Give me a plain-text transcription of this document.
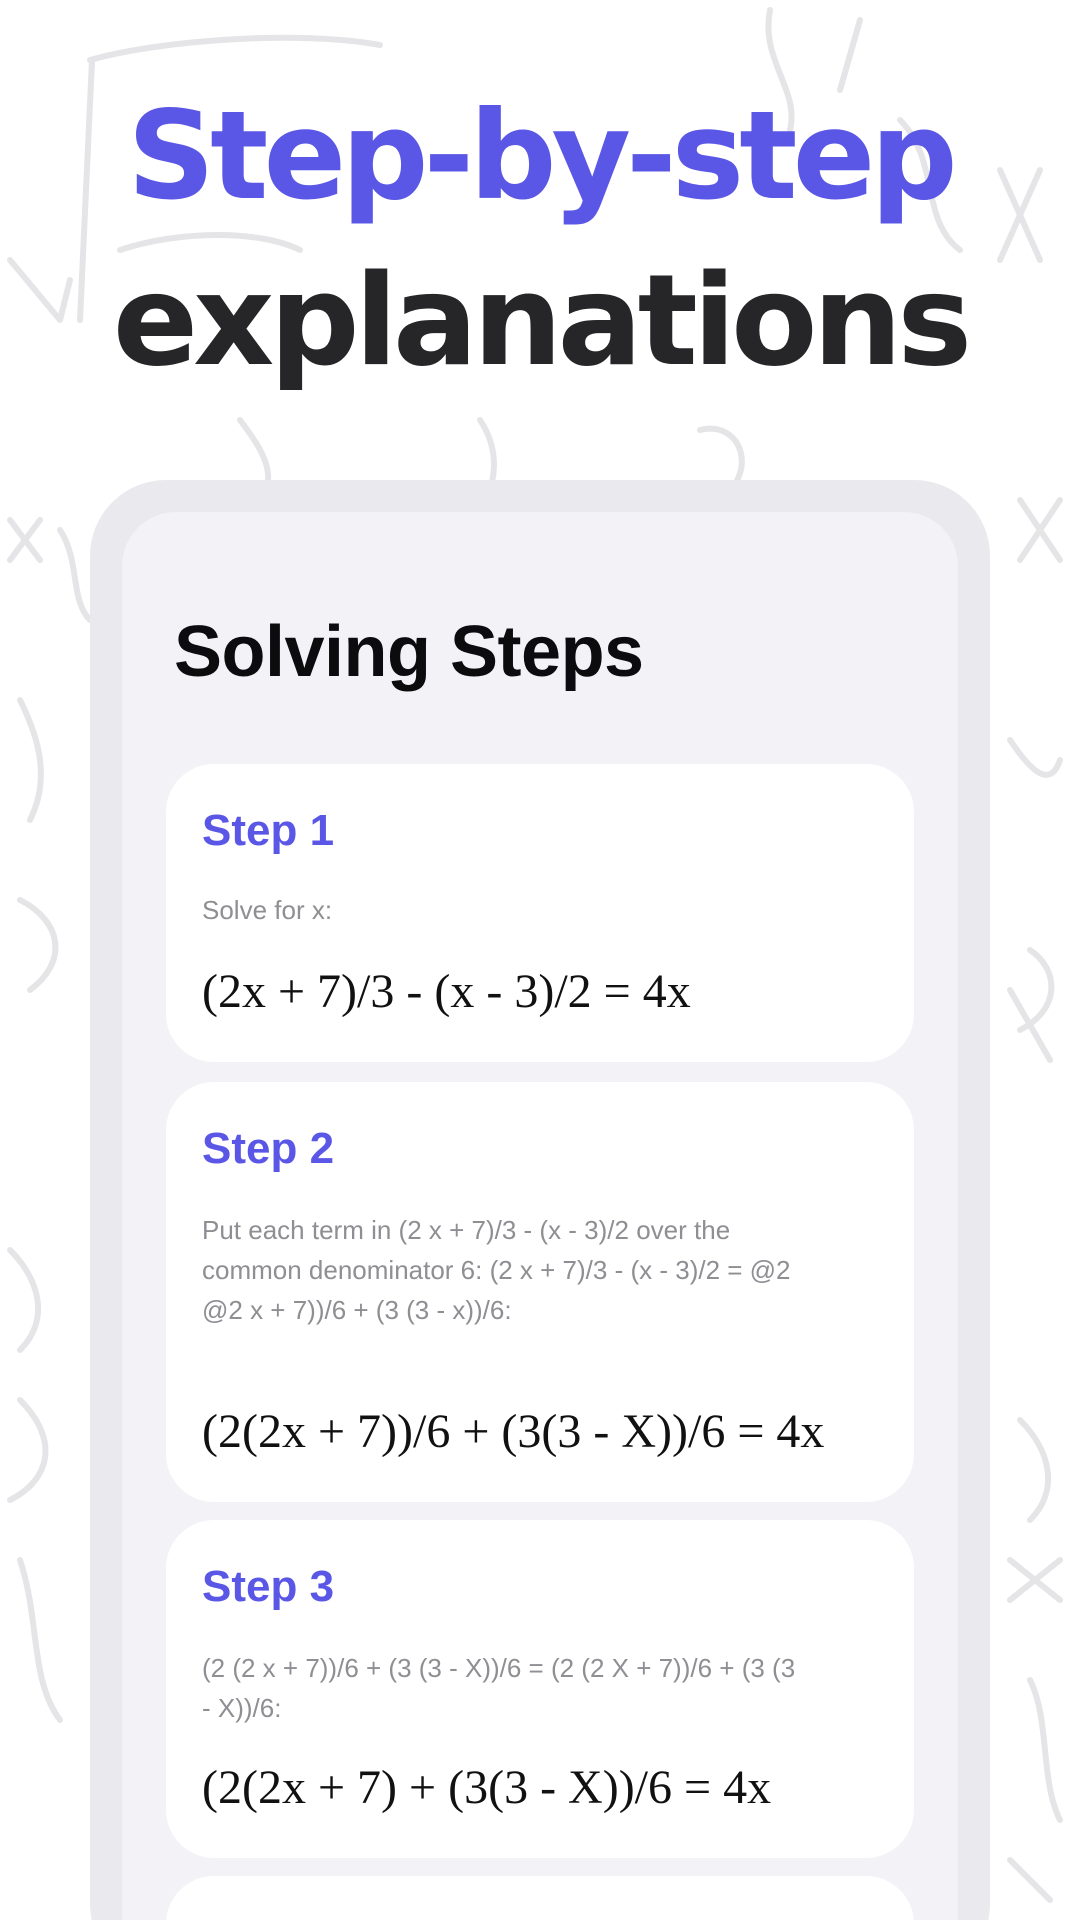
Step-by-step
explanations
Solving Steps
Step 1

Solve for x:

(2x + 7)/3 - (x - 3)/2 = 4x

Step 2

Put each term in (2 x + 7)/3 - (x - 3)/2 over the common denominator 6: (2 x + 7)/3 - (x - 3)/2 = @2 @2 x + 7))/6 + (3 (3 - x))/6:

(2(2x + 7))/6 + (3(3 - X))/6 = 4x

Step 3

(2 (2 x + 7))/6 + (3 (3 - X))/6 = (2 (2 X + 7))/6 + (3 (3 - X))/6:

(2(2x + 7) + (3(3 - X))/6 = 4x
